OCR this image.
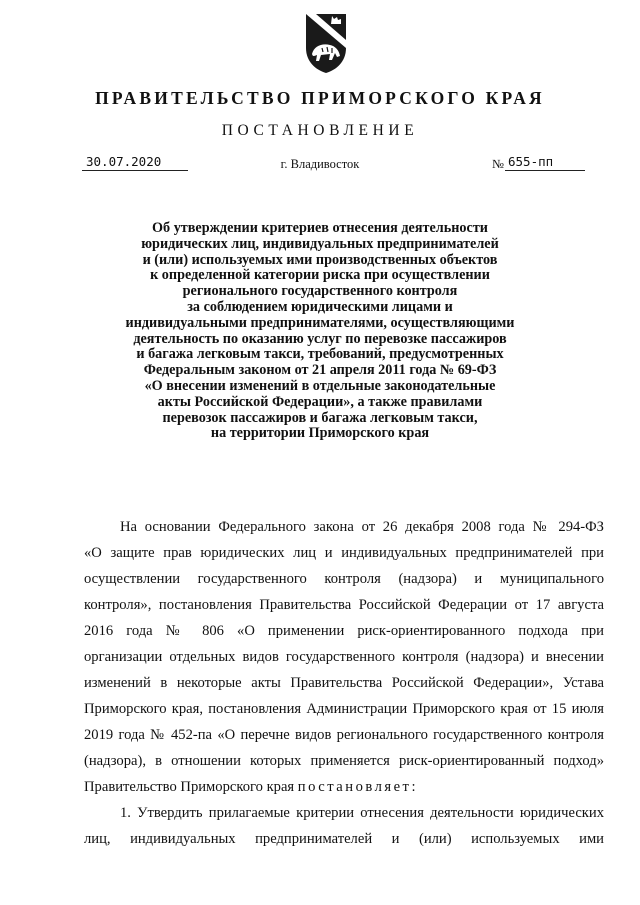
ПРАВИТЕЛЬСТВО ПРИМОРСКОГО КРАЯ
ПОСТАНОВЛЕНИЕ
30.07.2020	г. Владивосток	№ 655-пп
Об утверждении критериев отнесения деятельности
юридических лиц, индивидуальных предпринимателей
и (или) используемых ими производственных объектов
к определенной категории риска при осуществлении
регионального государственного контроля
за соблюдением юридическими лицами и
индивидуальными предпринимателями, осуществляющими
деятельность по оказанию услуг по перевозке пассажиров
и багажа легковым такси, требований, предусмотренных
Федеральным законом от 21 апреля 2011 года № 69-ФЗ
«О внесении изменений в отдельные законодательные
акты Российской Федерации», а также правилами
перевозок пассажиров и багажа легковым такси,
на территории Приморского края
На основании Федерального закона от 26 декабря 2008 года № 294-ФЗ
«О защите прав юридических лиц и индивидуальных предпринимателей при
осуществлении государственного контроля (надзора) и муниципального
контроля», постановления Правительства Российской Федерации от 17 августа
2016 года № 806 «О применении риск-ориентированного подхода при
организации отдельных видов государственного контроля (надзора) и внесении
изменений в некоторые акты Правительства Российской Федерации», Устава
Приморского края, постановления Администрации Приморского края от 15 июля
2019 года № 452-па «О перечне видов регионального государственного контроля
(надзора), в отношении которых применяется риск-ориентированный подход»
Правительство Приморского края постановляет:
1. Утвердить прилагаемые критерии отнесения деятельности юридических
лиц, индивидуальных предпринимателей и (или) используемых ими
